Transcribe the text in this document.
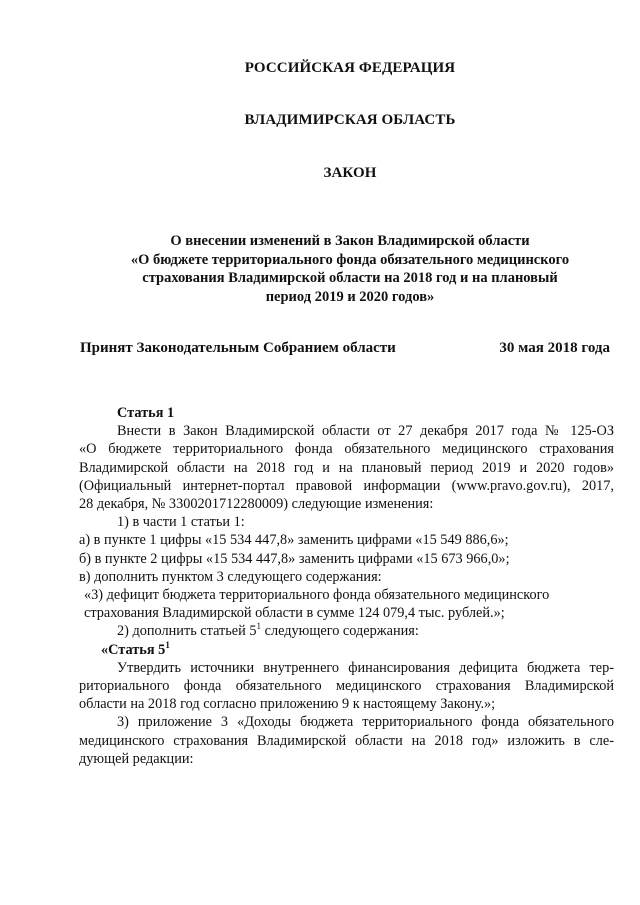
РОССИЙСКАЯ ФЕДЕРАЦИЯ
ВЛАДИМИРСКАЯ ОБЛАСТЬ
ЗАКОН
О внесении изменений в Закон Владимирской области
«О бюджете территориального фонда обязательного медицинского
страхования Владимирской области на 2018 год и на плановый
период 2019 и 2020 годов»
Принят Законодательным Собранием области	30 мая 2018 года
Статья 1
Внести в Закон Владимирской области от 27 декабря 2017 года № 125-ОЗ
«О бюджете территориального фонда обязательного медицинского страхования
Владимирской области на 2018 год и на плановый период 2019 и 2020 годов»
(Официальный интернет-портал правовой информации (www.pravo.gov.ru), 2017,
28 декабря, № 3300201712280009) следующие изменения:
1) в части 1 статьи 1:
а) в пункте 1 цифры «15 534 447,8» заменить цифрами «15 549 886,6»;
б) в пункте 2 цифры «15 534 447,8» заменить цифрами «15 673 966,0»;
в) дополнить пунктом 3 следующего содержания:
«3) дефицит бюджета территориального фонда обязательного медицинского
страхования Владимирской области в сумме 124 079,4 тыс. рублей.»;
2) дополнить статьей $5^1$ следующего содержания:
«Статья $5^1$
Утвердить источники внутреннего финансирования дефицита бюджета тер-
риториального фонда обязательного медицинского страхования Владимирской
области на 2018 год согласно приложению 9 к настоящему Закону.»;
3) приложение 3 «Доходы бюджета территориального фонда обязательного
медицинского страхования Владимирской области на 2018 год» изложить в сле-
дующей редакции:
